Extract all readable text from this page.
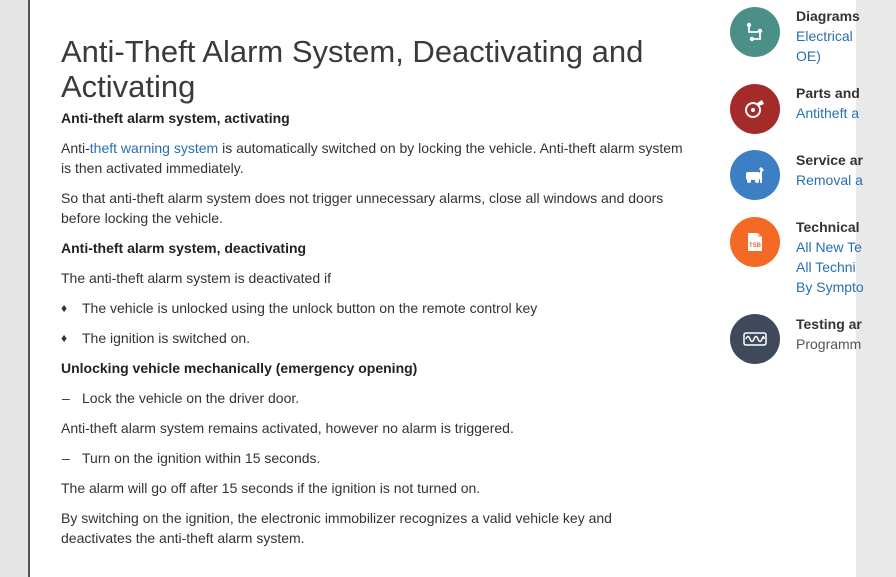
Anti-Theft Alarm System, Deactivating and Activating
Anti-theft alarm system, activating
Anti-theft warning system is automatically switched on by locking the vehicle. Anti-theft alarm system is then activated immediately.
So that anti-theft alarm system does not trigger unnecessary alarms, close all windows and doors before locking the vehicle.
Anti-theft alarm system, deactivating
The anti-theft alarm system is deactivated if
♦	The vehicle is unlocked using the unlock button on the remote control key
♦	The ignition is switched on.
Unlocking vehicle mechanically (emergency opening)
– Lock the vehicle on the driver door.
Anti-theft alarm system remains activated, however no alarm is triggered.
– Turn on the ignition within 15 seconds.
The alarm will go off after 15 seconds if the ignition is not turned on.
By switching on the ignition, the electronic immobilizer recognizes a valid vehicle key and deactivates the anti-theft alarm system.
Diagrams
Electrical
OE)
Parts and
Antitheft a
Service ar
Removal a
TSB
Technical
All New Te
All Techni
By Sympto
Testing ar
Programm
